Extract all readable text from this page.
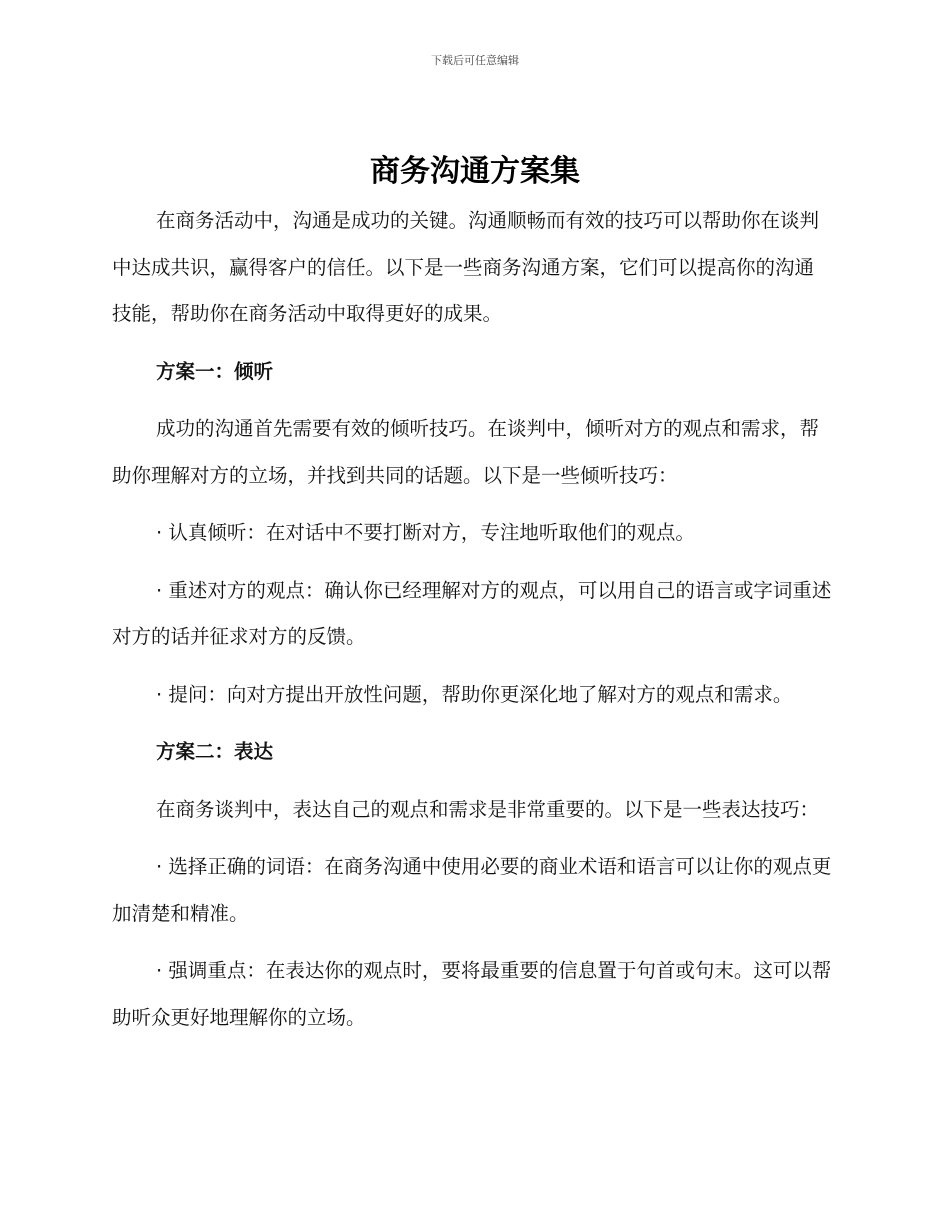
下载后可任意编辑
商务沟通方案集

在商务活动中，沟通是成功的关键。沟通顺畅而有效的技巧可以帮助你在谈判中达成共识，赢得客户的信任。以下是一些商务沟通方案，它们可以提高你的沟通技能，帮助你在商务活动中取得更好的成果。

方案一：倾听

成功的沟通首先需要有效的倾听技巧。在谈判中，倾听对方的观点和需求，帮助你理解对方的立场，并找到共同的话题。以下是一些倾听技巧：

· 认真倾听：在对话中不要打断对方，专注地听取他们的观点。

· 重述对方的观点：确认你已经理解对方的观点，可以用自己的语言或字词重述对方的话并征求对方的反馈。

· 提问：向对方提出开放性问题，帮助你更深化地了解对方的观点和需求。

方案二：表达

在商务谈判中，表达自己的观点和需求是非常重要的。以下是一些表达技巧：

· 选择正确的词语：在商务沟通中使用必要的商业术语和语言可以让你的观点更加清楚和精准。

· 强调重点：在表达你的观点时，要将最重要的信息置于句首或句末。这可以帮助听众更好地理解你的立场。
